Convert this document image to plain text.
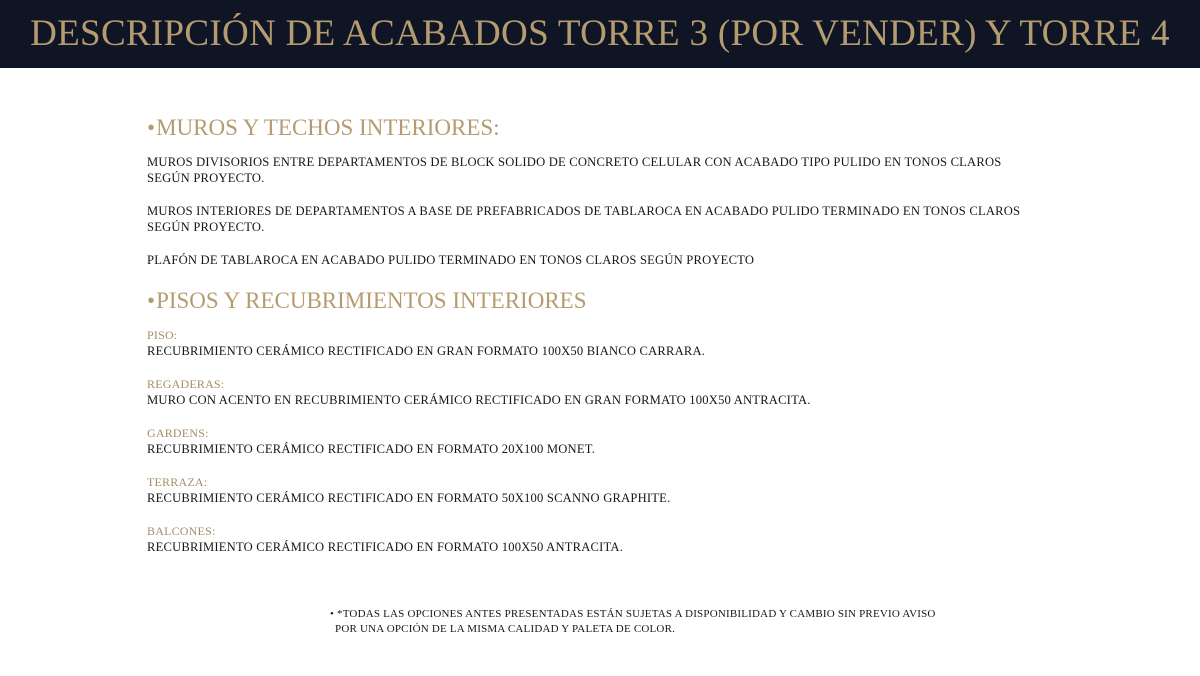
DESCRIPCIÓN DE ACABADOS TORRE 3 (POR VENDER) Y TORRE 4
•MUROS Y TECHOS INTERIORES:

MUROS DIVISORIOS ENTRE DEPARTAMENTOS DE BLOCK SOLIDO DE CONCRETO CELULAR CON ACABADO TIPO PULIDO EN TONOS CLAROS SEGÚN PROYECTO.

MUROS INTERIORES DE DEPARTAMENTOS A BASE DE PREFABRICADOS DE TABLAROCA EN ACABADO PULIDO TERMINADO EN TONOS CLAROS SEGÚN PROYECTO.

PLAFÓN DE TABLAROCA EN ACABADO PULIDO TERMINADO EN TONOS CLAROS SEGÚN PROYECTO

•PISOS Y RECUBRIMIENTOS INTERIORES

PISO:

RECUBRIMIENTO CERÁMICO RECTIFICADO EN GRAN FORMATO 100X50 BIANCO CARRARA.

REGADERAS:

MURO CON ACENTO EN RECUBRIMIENTO CERÁMICO RECTIFICADO EN GRAN FORMATO 100X50 ANTRACITA.

GARDENS:

RECUBRIMIENTO CERÁMICO RECTIFICADO EN FORMATO 20X100 MONET.

TERRAZA:

RECUBRIMIENTO CERÁMICO RECTIFICADO EN FORMATO 50X100 SCANNO GRAPHITE.

BALCONES:

RECUBRIMIENTO CERÁMICO RECTIFICADO EN FORMATO 100X50 ANTRACITA.

• *TODAS LAS OPCIONES ANTES PRESENTADAS ESTÁN SUJETAS A DISPONIBILIDAD Y CAMBIO SIN PREVIO AVISO
POR UNA OPCIÓN DE LA MISMA CALIDAD Y PALETA DE COLOR.
